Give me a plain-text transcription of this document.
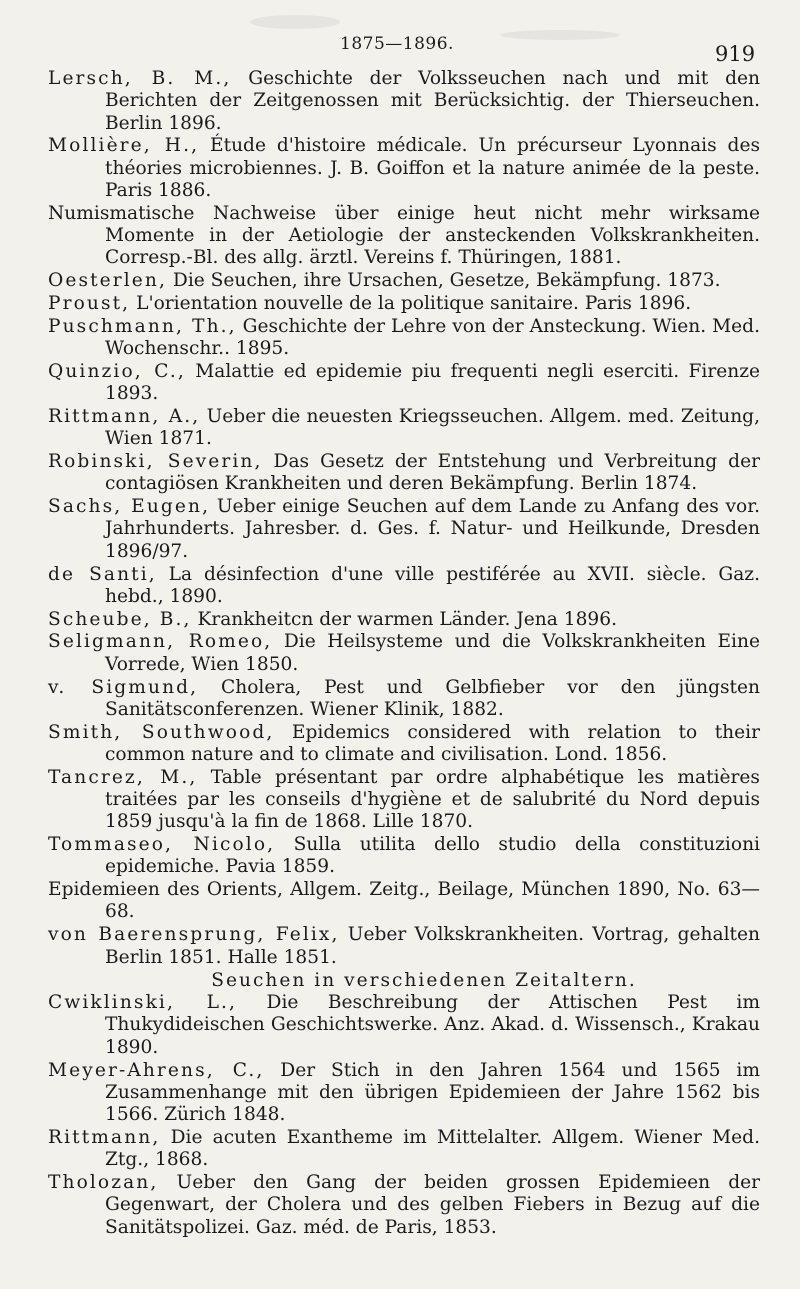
1875—1896.	919

Lersch, B. M., Geschichte der Volksseuchen nach und mit den Berichten der Zeitgenossen mit Berücksichtig. der Thierseuchen. Berlin 1896.

Mollière, H., Étude d'histoire médicale. Un précurseur Lyonnais des théories microbiennes. J. B. Goiffon et la nature animée de la peste. Paris 1886.

Numismatische Nachweise über einige heut nicht mehr wirksame Momente in der Aetiologie der ansteckenden Volkskrankheiten. Corresp.-Bl. des allg. ärztl. Vereins f. Thüringen, 1881.

Oesterlen, Die Seuchen, ihre Ursachen, Gesetze, Bekämpfung. 1873.

Proust, L'orientation nouvelle de la politique sanitaire. Paris 1896.

Puschmann, Th., Geschichte der Lehre von der Ansteckung. Wien. Med. Wochenschr.. 1895.

Quinzio, C., Malattie ed epidemie piu frequenti negli eserciti. Firenze 1893.

Rittmann, A., Ueber die neuesten Kriegsseuchen. Allgem. med. Zeitung, Wien 1871.

Robinski, Severin, Das Gesetz der Entstehung und Verbreitung der contagiösen Krankheiten und deren Bekämpfung. Berlin 1874.

Sachs, Eugen, Ueber einige Seuchen auf dem Lande zu Anfang des vor. Jahrhunderts. Jahresber. d. Ges. f. Natur- und Heilkunde, Dresden 1896/97.

de Santi, La désinfection d'une ville pestiférée au XVII. siècle. Gaz. hebd., 1890.

Scheube, B., Krankheitcn der warmen Länder. Jena 1896.

Seligmann, Romeo, Die Heilsysteme und die Volkskrankheiten Eine Vorrede, Wien 1850.

v. Sigmund, Cholera, Pest und Gelbfieber vor den jüngsten Sanitätsconferenzen. Wiener Klinik, 1882.

Smith, Southwood, Epidemics considered with relation to their common nature and to climate and civilisation. Lond. 1856.

Tancrez, M., Table présentant par ordre alphabétique les matières traitées par les conseils d'hygiène et de salubrité du Nord depuis 1859 jusqu'à la fin de 1868. Lille 1870.

Tommaseo, Nicolo, Sulla utilita dello studio della constituzioni epidemiche. Pavia 1859.

Epidemieen des Orients, Allgem. Zeitg., Beilage, München 1890, No. 63—68.

von Baerensprung, Felix, Ueber Volkskrankheiten. Vortrag, gehalten Berlin 1851. Halle 1851.

Seuchen in verschiedenen Zeitaltern.

Cwiklinski, L., Die Beschreibung der Attischen Pest im Thukydideischen Geschichtswerke. Anz. Akad. d. Wissensch., Krakau 1890.

Meyer-Ahrens, C., Der Stich in den Jahren 1564 und 1565 im Zusammenhange mit den übrigen Epidemieen der Jahre 1562 bis 1566. Zürich 1848.

Rittmann, Die acuten Exantheme im Mittelalter. Allgem. Wiener Med. Ztg., 1868.

Tholozan, Ueber den Gang der beiden grossen Epidemieen der Gegenwart, der Cholera und des gelben Fiebers in Bezug auf die Sanitätspolizei. Gaz. méd. de Paris, 1853.
